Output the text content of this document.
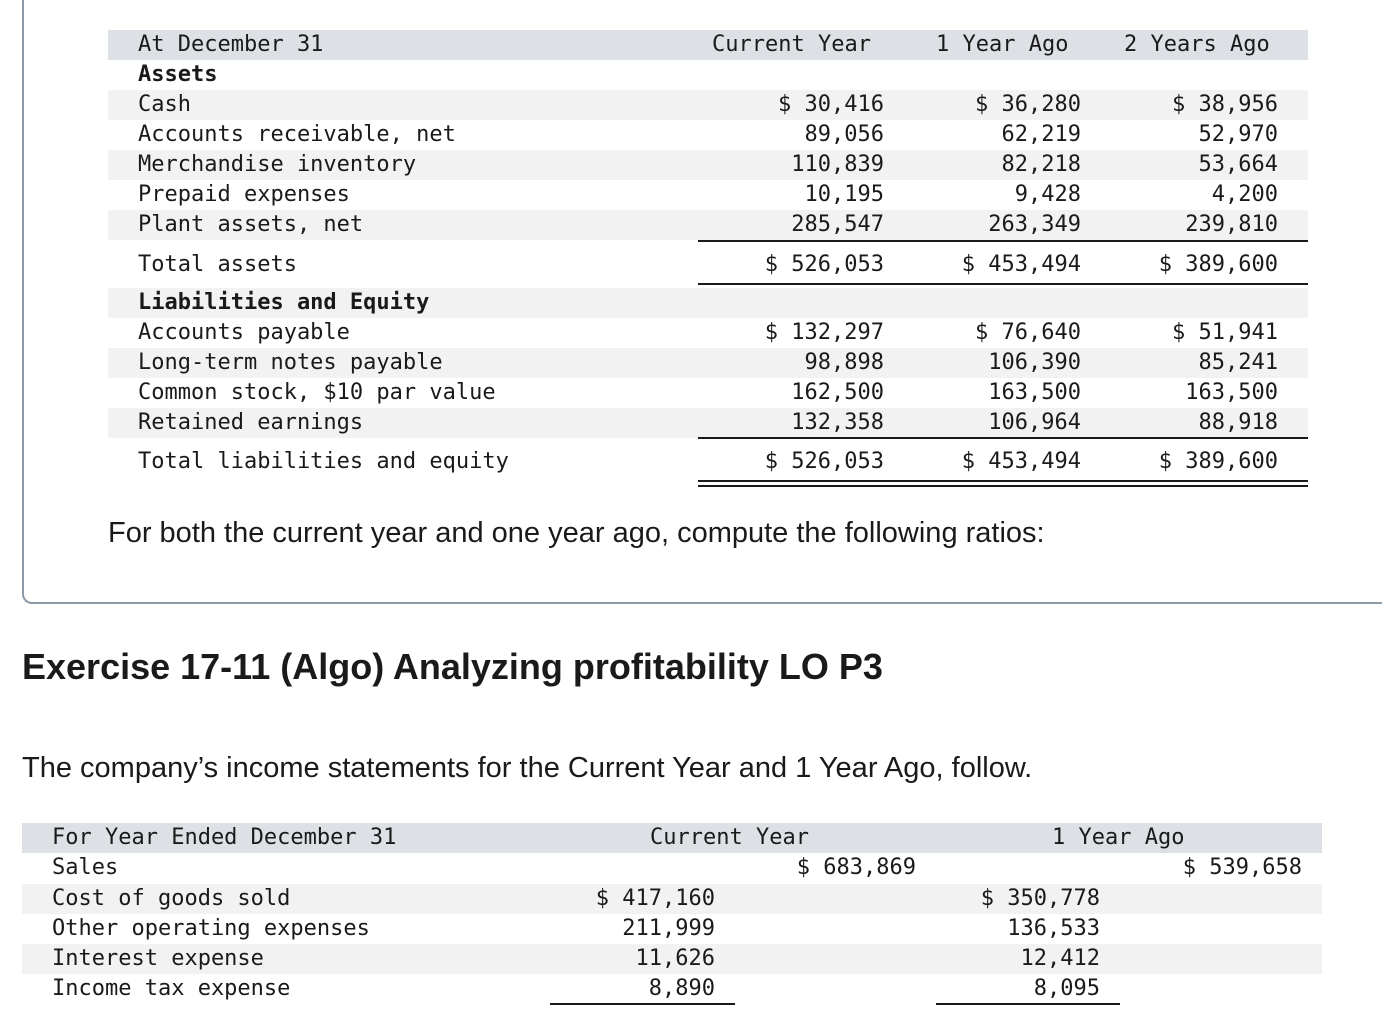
At December 31	Current Year	1 Year Ago	2 Years Ago
Assets
Cash	$ 30,416	$ 36,280	$ 38,956
Accounts receivable, net	89,056	62,219	52,970
Merchandise inventory	110,839	82,218	53,664
Prepaid expenses	10,195	9,428	4,200
Plant assets, net	285,547	263,349	239,810
Total assets	$ 526,053	$ 453,494	$ 389,600
Liabilities and Equity
Accounts payable	$ 132,297	$ 76,640	$ 51,941
Long-term notes payable	98,898	106,390	85,241
Common stock, $10 par value	162,500	163,500	163,500
Retained earnings	132,358	106,964	88,918
Total liabilities and equity	$ 526,053	$ 453,494	$ 389,600
For both the current year and one year ago, compute the following ratios:
Exercise 17-11 (Algo) Analyzing profitability LO P3
The company’s income statements for the Current Year and 1 Year Ago, follow.
For Year Ended December 31	Current Year	1 Year Ago
Sales	$ 683,869	$ 539,658
Cost of goods sold	$ 417,160	$ 350,778
Other operating expenses	211,999	136,533
Interest expense	11,626	12,412
Income tax expense	8,890	8,095
